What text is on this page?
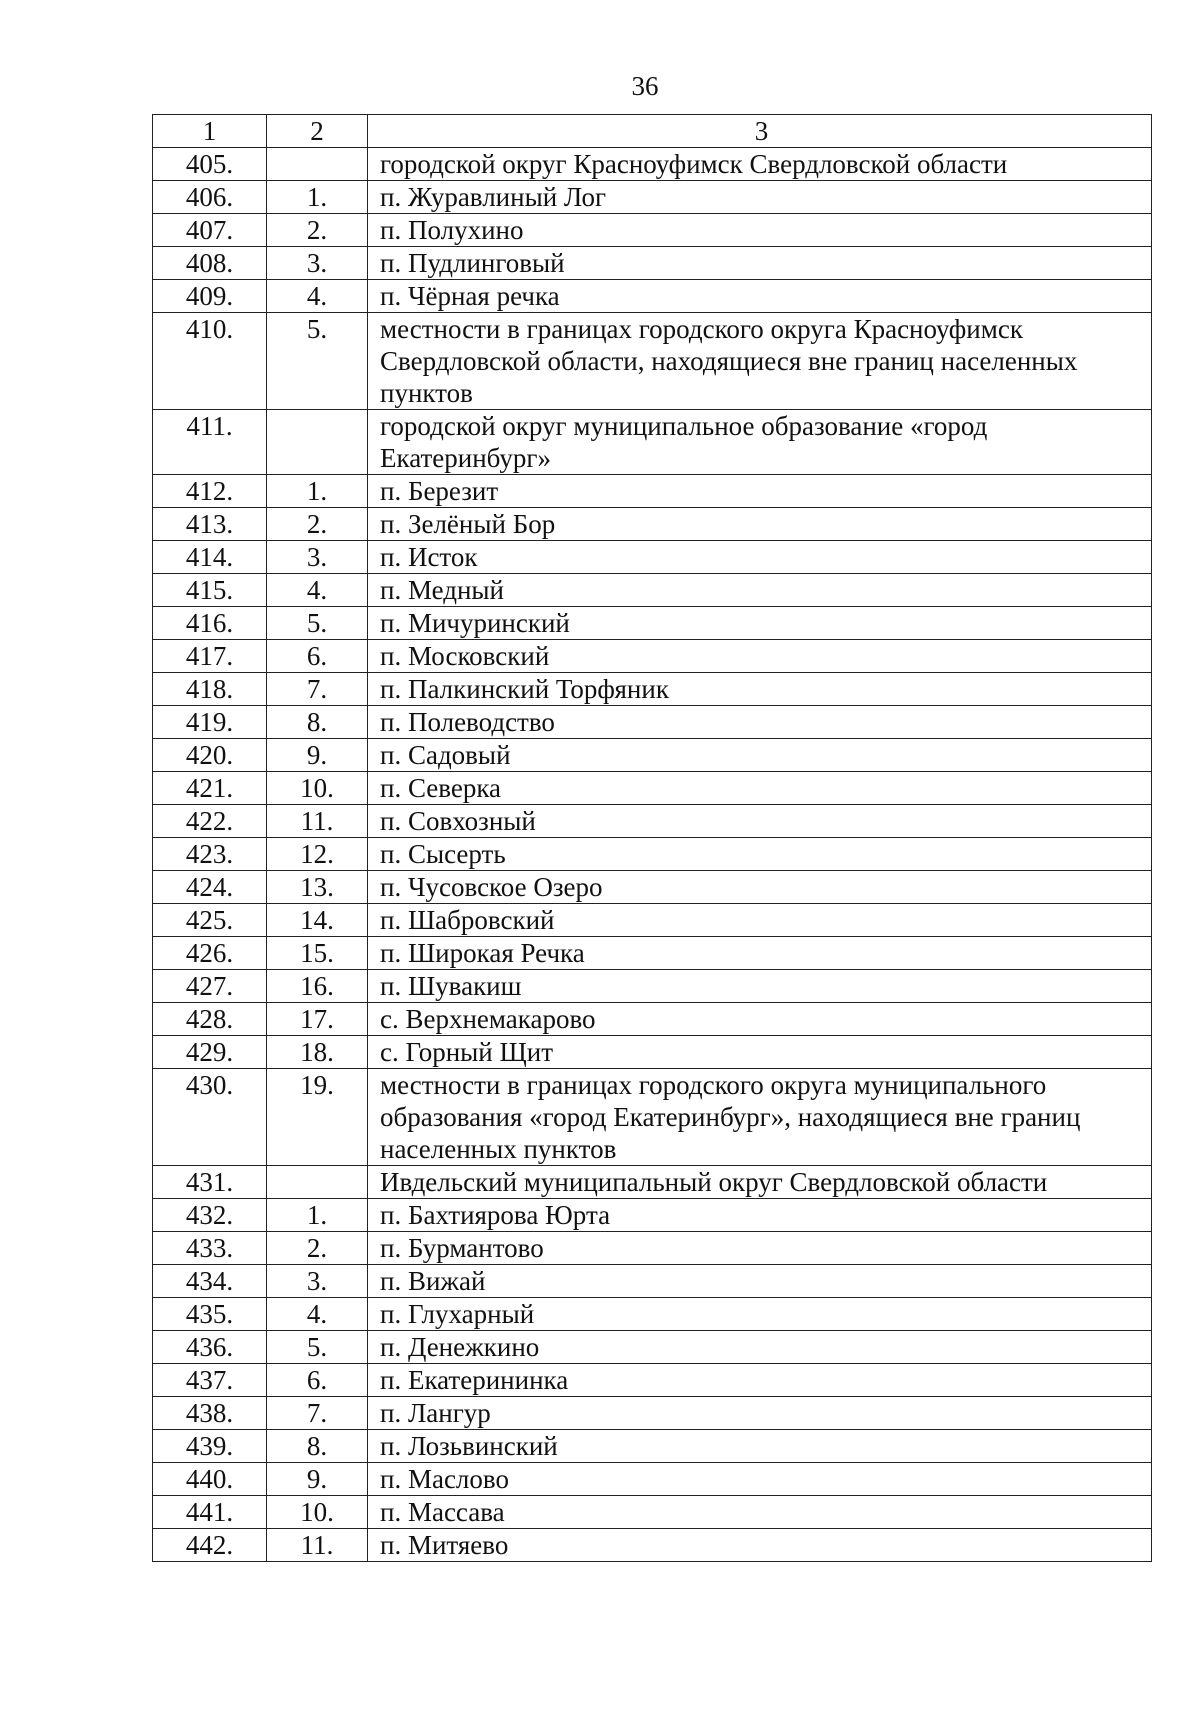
36
1	2	3
405.		городской округ Красноуфимск Свердловской области
406.	1.	п. Журавлиный Лог
407.	2.	п. Полухино
408.	3.	п. Пудлинговый
409.	4.	п. Чёрная речка
410.	5.	местности в границах городского округа Красноуфимск Свердловской области, находящиеся вне границ населенных пунктов
411.		городской округ муниципальное образование «город Екатеринбург»
412.	1.	п. Березит
413.	2.	п. Зелёный Бор
414.	3.	п. Исток
415.	4.	п. Медный
416.	5.	п. Мичуринский
417.	6.	п. Московский
418.	7.	п. Палкинский Торфяник
419.	8.	п. Полеводство
420.	9.	п. Садовый
421.	10.	п. Северка
422.	11.	п. Совхозный
423.	12.	п. Сысерть
424.	13.	п. Чусовское Озеро
425.	14.	п. Шабровский
426.	15.	п. Широкая Речка
427.	16.	п. Шувакиш
428.	17.	с. Верхнемакарово
429.	18.	с. Горный Щит
430.	19.	местности в границах городского округа муниципального образования «город Екатеринбург», находящиеся вне границ населенных пунктов
431.		Ивдельский муниципальный округ Свердловской области
432.	1.	п. Бахтиярова Юрта
433.	2.	п. Бурмантово
434.	3.	п. Вижай
435.	4.	п. Глухарный
436.	5.	п. Денежкино
437.	6.	п. Екатерининка
438.	7.	п. Лангур
439.	8.	п. Лозьвинский
440.	9.	п. Маслово
441.	10.	п. Массава
442.	11.	п. Митяево
